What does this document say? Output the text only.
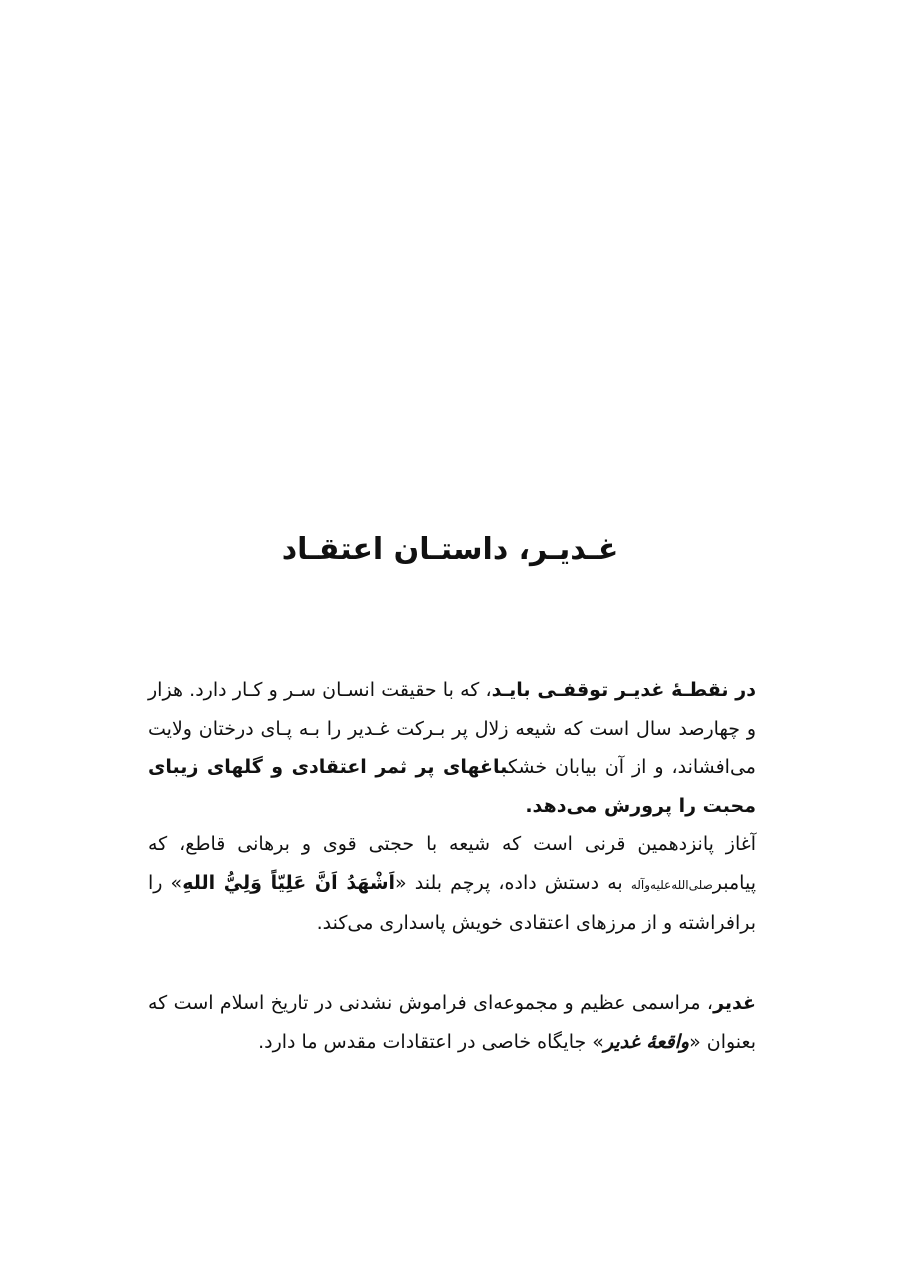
غـدیـر، داستـان اعتقـاد

در نقطـۀ غدیـر توقفـی بایـد، که با حقیقت انسـان سـر و کـار دارد. هزار و چهارصد سال است که شیعه زلال پر بـرکت غـدیر را بـه پـای درختان ولایت می‌افشاند، و از آن بیابان خشکباغهای پر ثمر اعتقادی و گلهای زیبای محبت را پرورش می‌دهد.

آغاز پانزدهمین قرنی است که شیعه با حجتی قوی و برهانی قاطع، که پیامبرصلی‌الله‌علیه‌وآله به دستش داده، پرچم بلند «اَشْهَدُ اَنَّ عَلِيّاً وَلِيُّ اللهِ» را برافراشته و از مرزهای اعتقادی خویش پاسداری می‌کند.

غدیر، مراسمی عظیم و مجموعه‌ای فراموش نشدنی در تاریخ اسلام است که بعنوان «واقعۀ غدیر» جایگاه خاصی در اعتقادات مقدس ما دارد.
